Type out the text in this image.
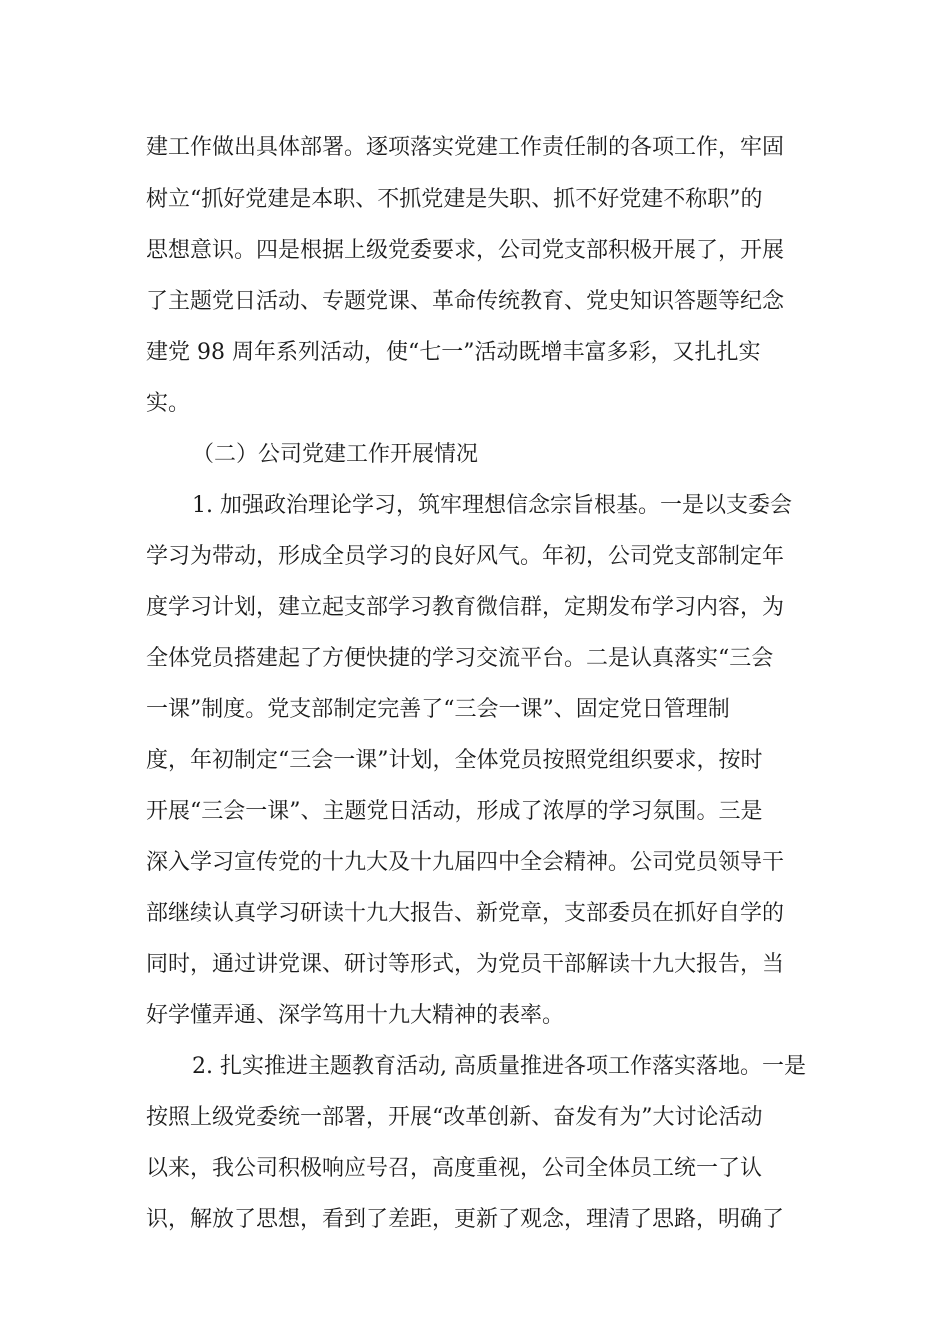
建工作做出具体部署。逐项落实党建工作责任制的各项工作，牢固
树立“抓好党建是本职、不抓党建是失职、抓不好党建不称职”的
思想意识。四是根据上级党委要求，公司党支部积极开展了，开展
了主题党日活动、专题党课、革命传统教育、党史知识答题等纪念
建党 98 周年系列活动，使“七一”活动既增丰富多彩，又扎扎实
实。
（二）公司党建工作开展情况
1. 加强政治理论学习，筑牢理想信念宗旨根基。一是以支委会
学习为带动，形成全员学习的良好风气。年初，公司党支部制定年
度学习计划，建立起支部学习教育微信群，定期发布学习内容，为
全体党员搭建起了方便快捷的学习交流平台。二是认真落实“三会
一课”制度。党支部制定完善了“三会一课”、固定党日管理制
度，年初制定“三会一课”计划，全体党员按照党组织要求，按时
开展“三会一课”、主题党日活动，形成了浓厚的学习氛围。三是
深入学习宣传党的十九大及十九届四中全会精神。公司党员领导干
部继续认真学习研读十九大报告、新党章，支部委员在抓好自学的
同时，通过讲党课、研讨等形式，为党员干部解读十九大报告，当
好学懂弄通、深学笃用十九大精神的表率。
2. 扎实推进主题教育活动, 高质量推进各项工作落实落地。一是
按照上级党委统一部署，开展“改革创新、奋发有为”大讨论活动
以来，我公司积极响应号召，高度重视，公司全体员工统一了认
识，解放了思想，看到了差距，更新了观念，理清了思路，明确了
